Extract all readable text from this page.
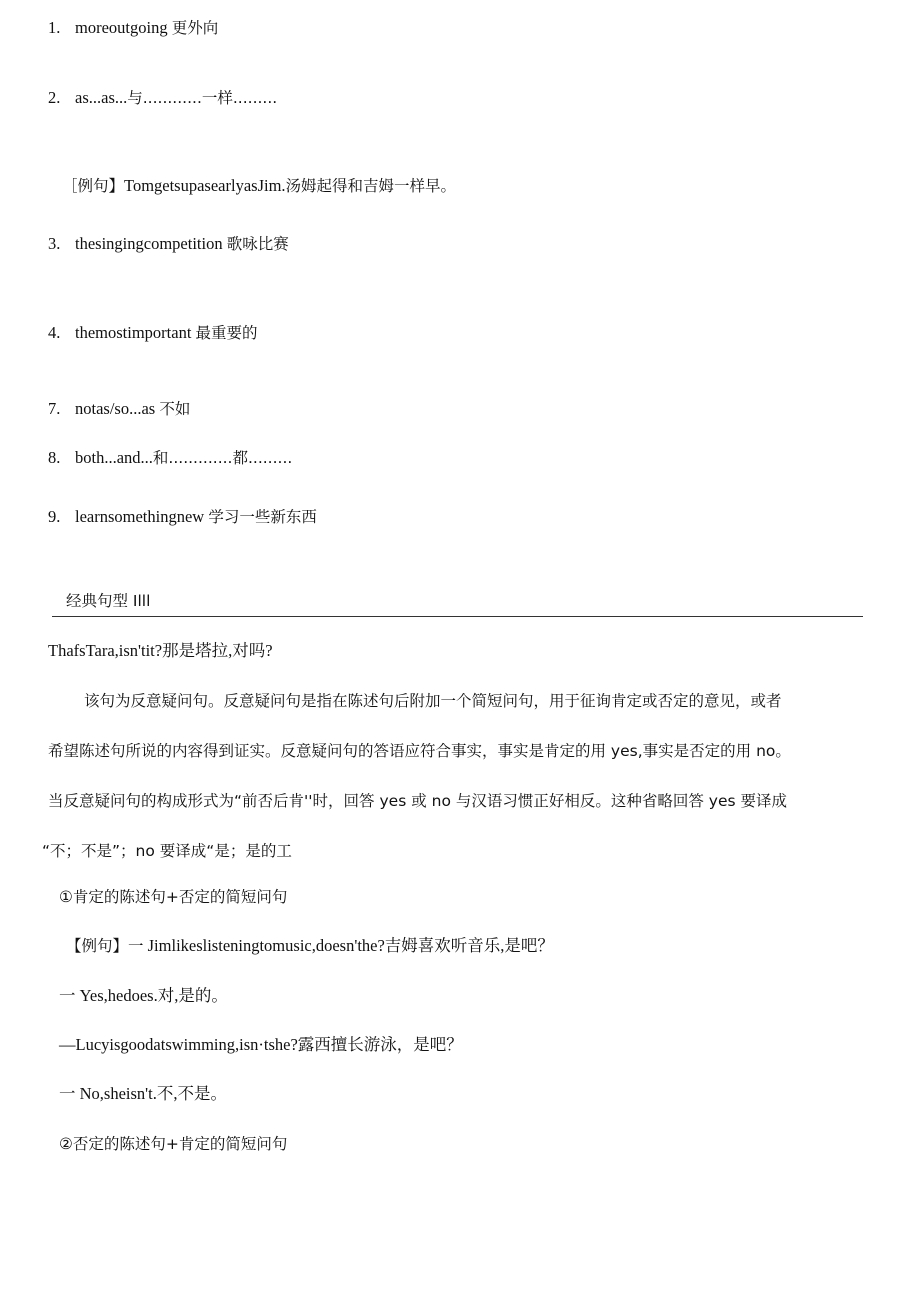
1. moreoutgoing 更外向
2. as...as...与............一样.........
［例句】TomgetsupasearlyasJim.汤姆起得和吉姆一样早。
3. thesingingcompetition 歌咏比赛
4. themostimportant 最重要的
7. notas/so...as 不如
8. both...and...和.............都.........
9. learnsomethingnew 学习一些新东西
经典句型 Illl
ThafsTara,isn'tit?那是塔拉,对吗?
该句为反意疑问句。反意疑问句是指在陈述句后附加一个简短问句，用于征询肯定或否定的意见，或者
希望陈述句所说的内容得到证实。反意疑问句的答语应符合事实，事实是肯定的用 yes,事实是否定的用 no。
当反意疑问句的构成形式为“前否后肯''时，回答 yes 或 no 与汉语习惯正好相反。这种省略回答 yes 要译成
“不；不是”；no 要译成“是；是的工
①肯定的陈述句+否定的简短问句
【例句】一 Jimlikeslisteningtomusic,doesn'the?吉姆喜欢听音乐,是吧？
一 Yes,hedoes.对,是的。
—Lucyisgoodatswimming,isn·tshe?露西擅长游泳，是吧？
一 No,sheisn't.不,不是。
②否定的陈述句+肯定的简短问句
